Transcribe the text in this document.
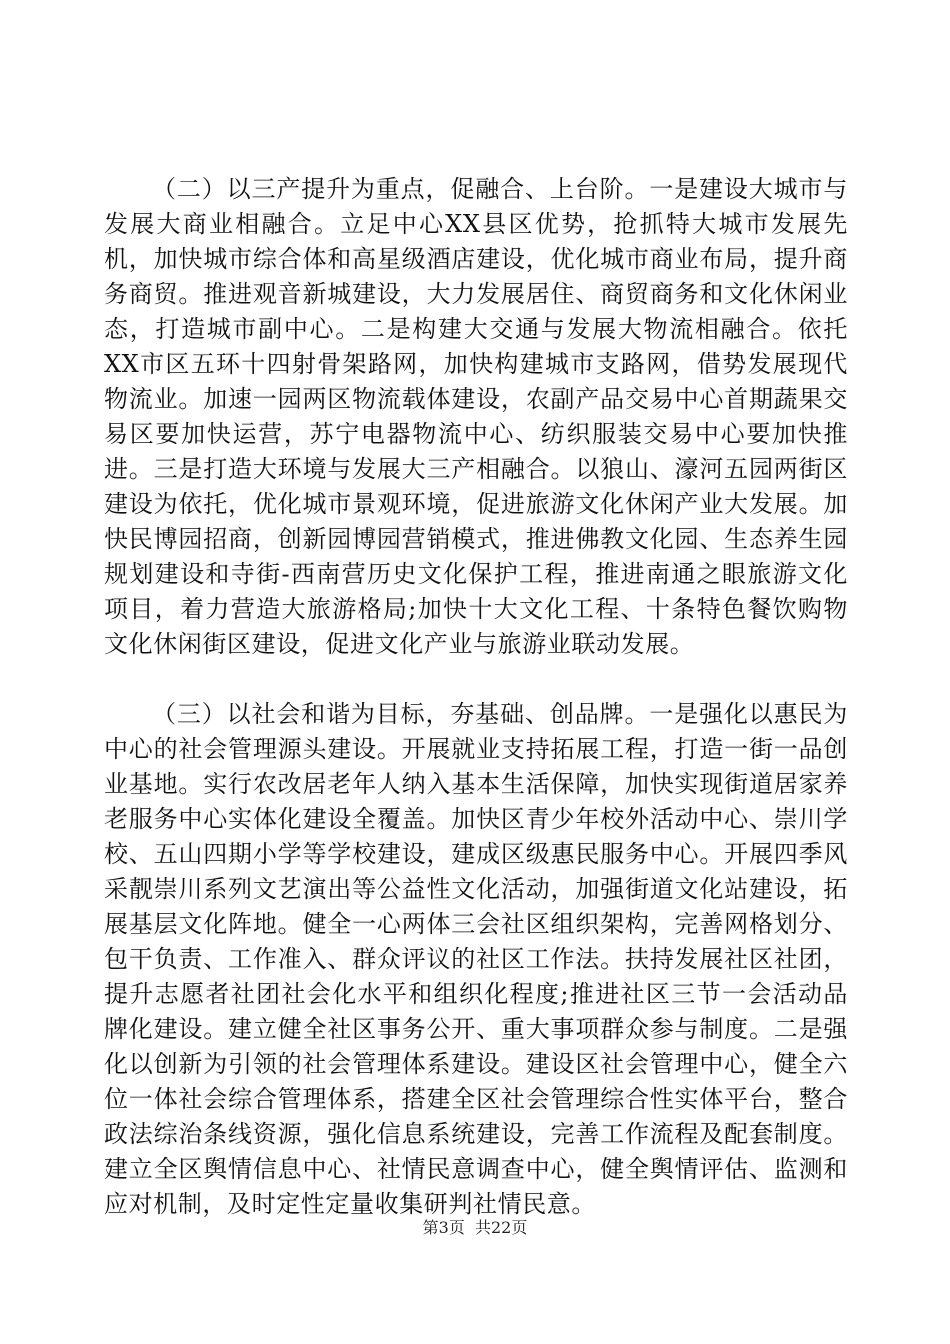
（二）以三产提升为重点，促融合、上台阶。一是建设大城市与发展大商业相融合。立足中心XX县区优势，抢抓特大城市发展先机，加快城市综合体和高星级酒店建设，优化城市商业布局，提升商务商贸。推进观音新城建设，大力发展居住、商贸商务和文化休闲业态，打造城市副中心。二是构建大交通与发展大物流相融合。依托XX市区五环十四射骨架路网，加快构建城市支路网，借势发展现代物流业。加速一园两区物流载体建设，农副产品交易中心首期蔬果交易区要加快运营，苏宁电器物流中心、纺织服装交易中心要加快推进。三是打造大环境与发展大三产相融合。以狼山、濠河五园两街区建设为依托，优化城市景观环境，促进旅游文化休闲产业大发展。加快民博园招商，创新园博园营销模式，推进佛教文化园、生态养生园规划建设和寺街-西南营历史文化保护工程，推进南通之眼旅游文化项目，着力营造大旅游格局;加快十大文化工程、十条特色餐饮购物文化休闲街区建设，促进文化产业与旅游业联动发展。

（三）以社会和谐为目标，夯基础、创品牌。一是强化以惠民为中心的社会管理源头建设。开展就业支持拓展工程，打造一街一品创业基地。实行农改居老年人纳入基本生活保障，加快实现街道居家养老服务中心实体化建设全覆盖。加快区青少年校外活动中心、崇川学校、五山四期小学等学校建设，建成区级惠民服务中心。开展四季风采靓崇川系列文艺演出等公益性文化活动，加强街道文化站建设，拓展基层文化阵地。健全一心两体三会社区组织架构，完善网格划分、包干负责、工作准入、群众评议的社区工作法。扶持发展社区社团，提升志愿者社团社会化水平和组织化程度;推进社区三节一会活动品牌化建设。建立健全社区事务公开、重大事项群众参与制度。二是强化以创新为引领的社会管理体系建设。建设区社会管理中心，健全六位一体社会综合管理体系，搭建全区社会管理综合性实体平台，整合政法综治条线资源，强化信息系统建设，完善工作流程及配套制度。建立全区舆情信息中心、社情民意调查中心，健全舆情评估、监测和应对机制，及时定性定量收集研判社情民意。

第3页  共22页
